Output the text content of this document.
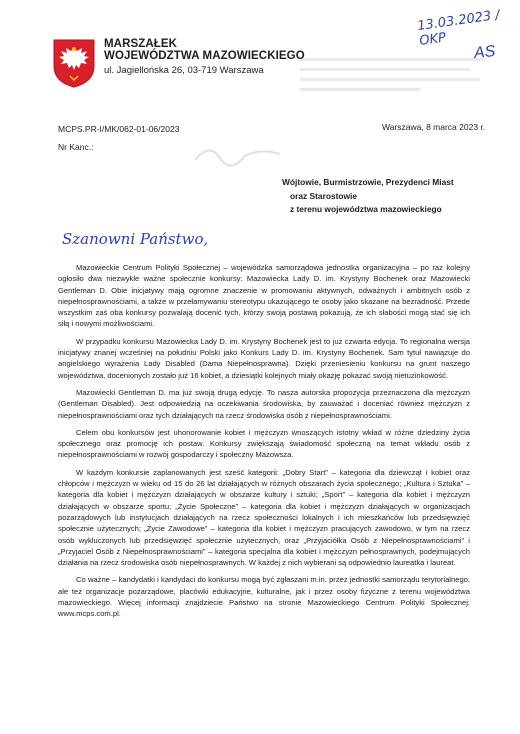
MARSZAŁEK
WOJEWÓDZTWA MAZOWIECKIEGO
ul. Jagiellońska 26, 03-719 Warszawa
13.03.2023 / OKP
AS
MCPS.PR-I/MK/062-01-06/2023
Nr Kanc.:
Warszawa, 8 marca 2023 r.
Wójtowie, Burmistrzowie, Prezydenci Miast
oraz Starostowie
z terenu województwa mazowieckiego
Szanowni Państwo,

Mazowieckie Centrum Polityki Społecznej – wojewódzka samorządowa jednostka organizacyjna – po raz kolejny ogłosiło dwa niezwykle ważne społecznie konkursy: Mazowiecka Lady D. im. Krystyny Bochenek oraz Mazowiecki Gentleman D. Obie inicjatywy mają ogromne znaczenie w promowaniu aktywnych, odważnych i ambitnych osób z niepełnosprawnościami, a także w przełamywaniu stereotypu ukazującego te osoby jako skazane na bezradność. Przede wszystkim zaś oba konkursy pozwalają docenić tych, którzy swoją postawą pokazują, że ich słabości mogą stać się ich siłą i nowymi możliwościami.

W przypadku konkursu Mazowiecka Lady D. im. Krystyny Bochenek jest to już czwarta edycja. To regionalna wersja inicjatywy znanej wcześniej na południu Polski jako Konkurs Lady D. im. Krystyny Bochenek. Sam tytuł nawiązuje do angielskiego wyrażenia Lady Disabled (Dama Niepełnosprawna). Dzięki przeniesieniu konkursu na grunt naszego województwa, docenionych zostało już 16 kobiet, a dziesiątki kolejnych miały okazję pokazać swoją nietuzinkowość.

Mazowiecki Gentleman D. ma już swoją drugą edycję. To nasza autorska propozycja przeznaczona dla mężczyzn (Gentleman Disabled). Jest odpowiedzią na oczekiwania środowiska, by zauważać i doceniać również mężczyzn z niepełnosprawnościami oraz tych działających na rzecz środowiska osób z niepełnosprawnościami.

Celem obu konkursów jest uhonorowanie kobiet i mężczyzn wnoszących istotny wkład w różne dziedziny życia społecznego oraz promocję ich postaw. Konkursy zwiększają świadomość społeczną na temat wkładu osób z niepełnosprawnościami w rozwój gospodarczy i społeczny Mazowsza.

W każdym konkursie zaplanowanych jest sześć kategorii: „Dobry Start” – kategoria dla dziewcząt i kobiet oraz chłopców i mężczyzn w wieku od 15 do 26 lat działających w różnych obszarach życia społecznego; „Kultura i Sztuka” – kategoria dla kobiet i mężczyzn działających w obszarze kultury i sztuki; „Sport” – kategoria dla kobiet i mężczyzn działających w obszarze sportu; „Życie Społeczne” – kategoria dla kobiet i mężczyzn działających w organizacjach pozarządowych lub instytucjach działających na rzecz społeczności lokalnych i ich mieszkańców lub przedsięwzięć społecznie użytecznych; „Życie Zawodowe” – kategoria dla kobiet i mężczyzn pracujących zawodowo, w tym na rzecz osób wykluczonych lub przedsięwzięć społecznie użytecznych, oraz „Przyjaciółka Osób z Niepełnosprawnościami” i „Przyjaciel Osób z Niepełnosprawnościami” – kategoria specjalna dla kobiet i mężczyzn pełnosprawnych, podejmujących działania na rzecz środowiska osób niepełnosprawnych. W każdej z nich wybierani są odpowiednio laureatka i laureat.

Co ważne – kandydatki i kandydaci do konkursu mogą być zgłaszani m.in. przez jednostki samorządu terytorialnego, ale też organizacje pozarządowe, placówki edukacyjne, kulturalne, jak i przez osoby fizyczne z terenu województwa mazowieckiego. Więcej informacji znajdziecie Państwo na stronie Mazowieckiego Centrum Polityki Społecznej: www.mcps.com.pl.
